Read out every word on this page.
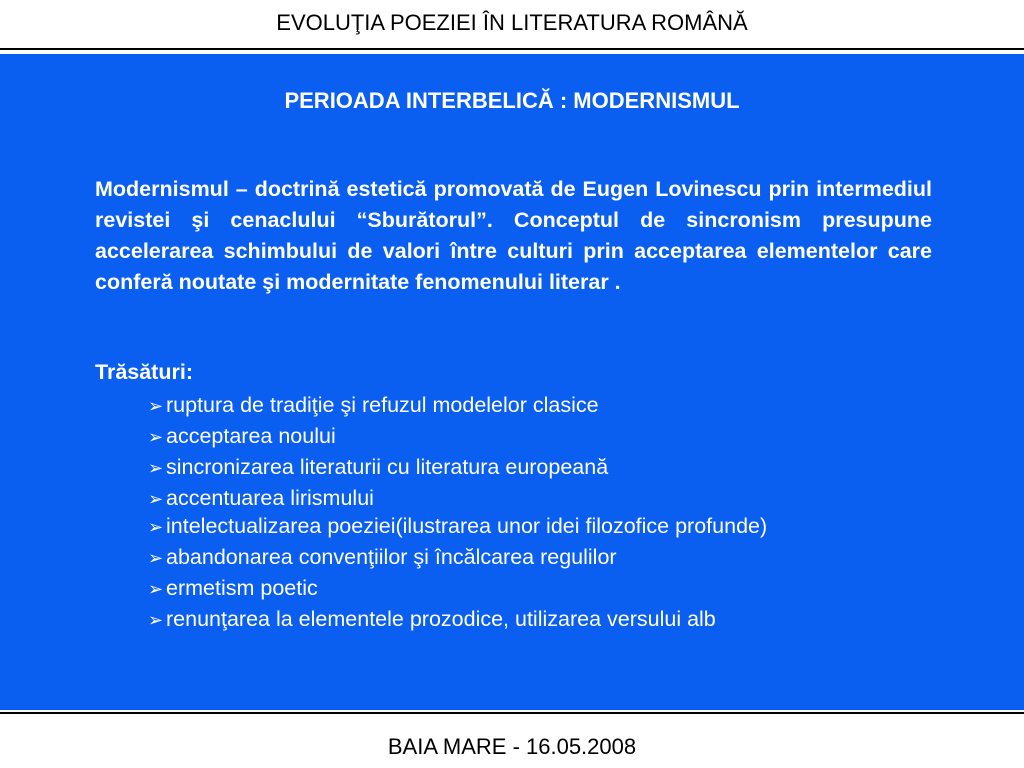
EVOLUŢIA POEZIEI ÎN LITERATURA ROMÂNĂ
PERIOADA INTERBELICĂ : MODERNISMUL
Modernismul – doctrină estetică promovată de Eugen Lovinescu prin intermediul revistei şi cenaclului “Sburătorul”. Conceptul de sincronism presupune accelerarea schimbului de valori între culturi prin acceptarea elementelor care conferă noutate şi modernitate fenomenului literar .
Trăsături:
➢ ruptura de tradiţie şi refuzul modelelor clasice
➢ acceptarea noului
➢ sincronizarea literaturii cu literatura europeană
➢ accentuarea lirismului
➢ intelectualizarea poeziei(ilustrarea unor idei filozofice profunde)
➢ abandonarea convenţiilor şi încălcarea regulilor
➢ ermetism poetic
➢ renunţarea la elementele prozodice, utilizarea versului alb
BAIA MARE - 16.05.2008
